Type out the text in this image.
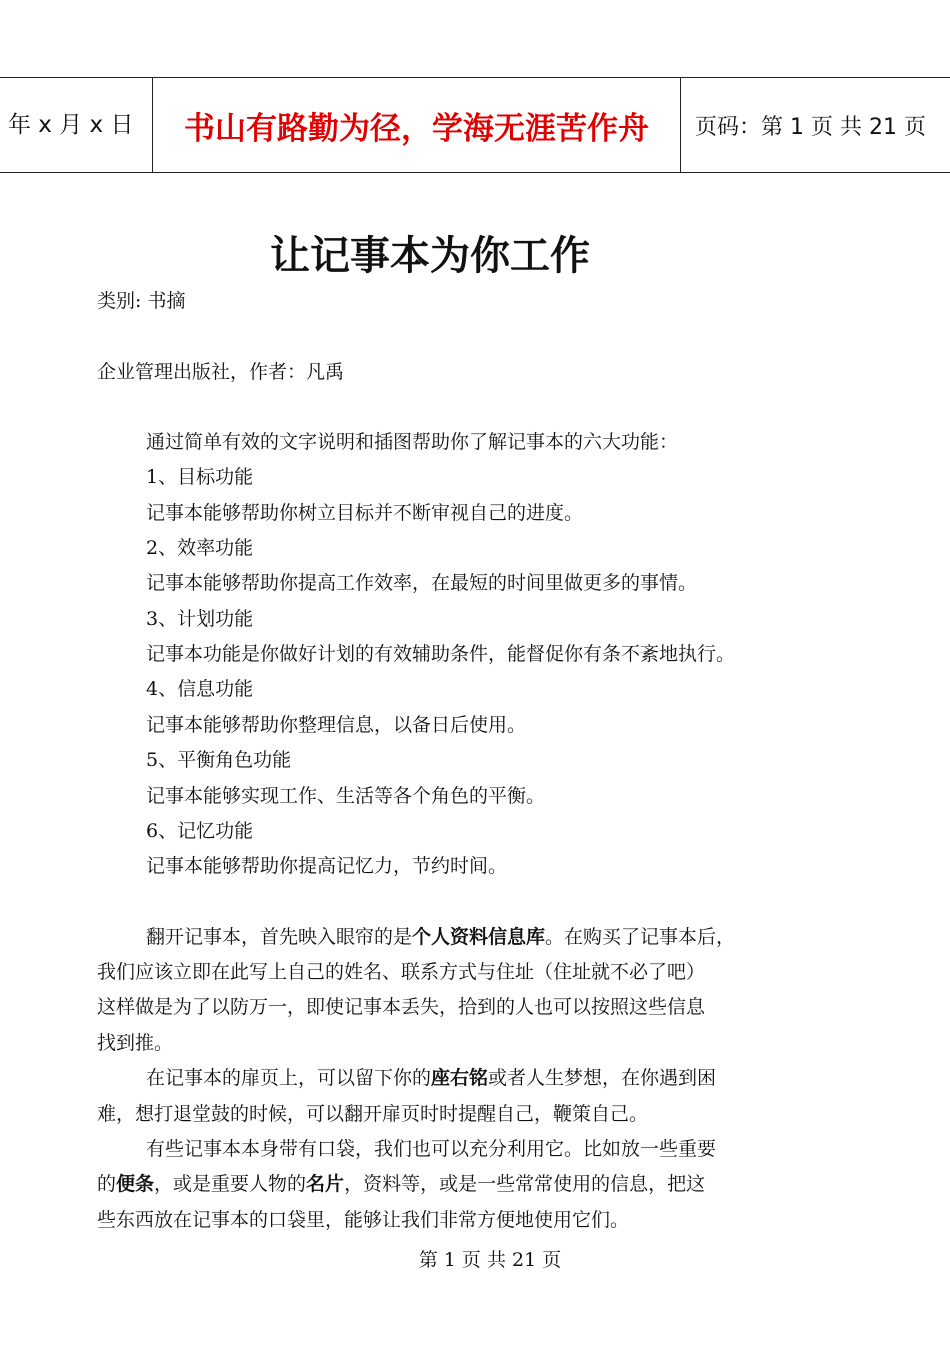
年 x 月 x 日	书山有路勤为径，学海无涯苦作舟	页码：第 1 页 共 21 页
让记事本为你工作
类别: 书摘
企业管理出版社，作者：凡禹
通过简单有效的文字说明和插图帮助你了解记事本的六大功能：
1、目标功能
记事本能够帮助你树立目标并不断审视自己的进度。
2、效率功能
记事本能够帮助你提高工作效率，在最短的时间里做更多的事情。
3、计划功能
记事本功能是你做好计划的有效辅助条件，能督促你有条不紊地执行。
4、信息功能
记事本能够帮助你整理信息，以备日后使用。
5、平衡角色功能
记事本能够实现工作、生活等各个角色的平衡。
6、记忆功能
记事本能够帮助你提高记忆力，节约时间。
翻开记事本，首先映入眼帘的是个人资料信息库。在购买了记事本后，
我们应该立即在此写上自己的姓名、联系方式与住址（住址就不必了吧）
这样做是为了以防万一，即使记事本丢失，拾到的人也可以按照这些信息
找到推。
在记事本的扉页上，可以留下你的座右铭或者人生梦想，在你遇到困
难，想打退堂鼓的时候，可以翻开扉页时时提醒自己，鞭策自己。
有些记事本本身带有口袋，我们也可以充分利用它。比如放一些重要
的便条，或是重要人物的名片，资料等，或是一些常常使用的信息，把这
些东西放在记事本的口袋里，能够让我们非常方便地使用它们。
第 1 页 共 21 页
